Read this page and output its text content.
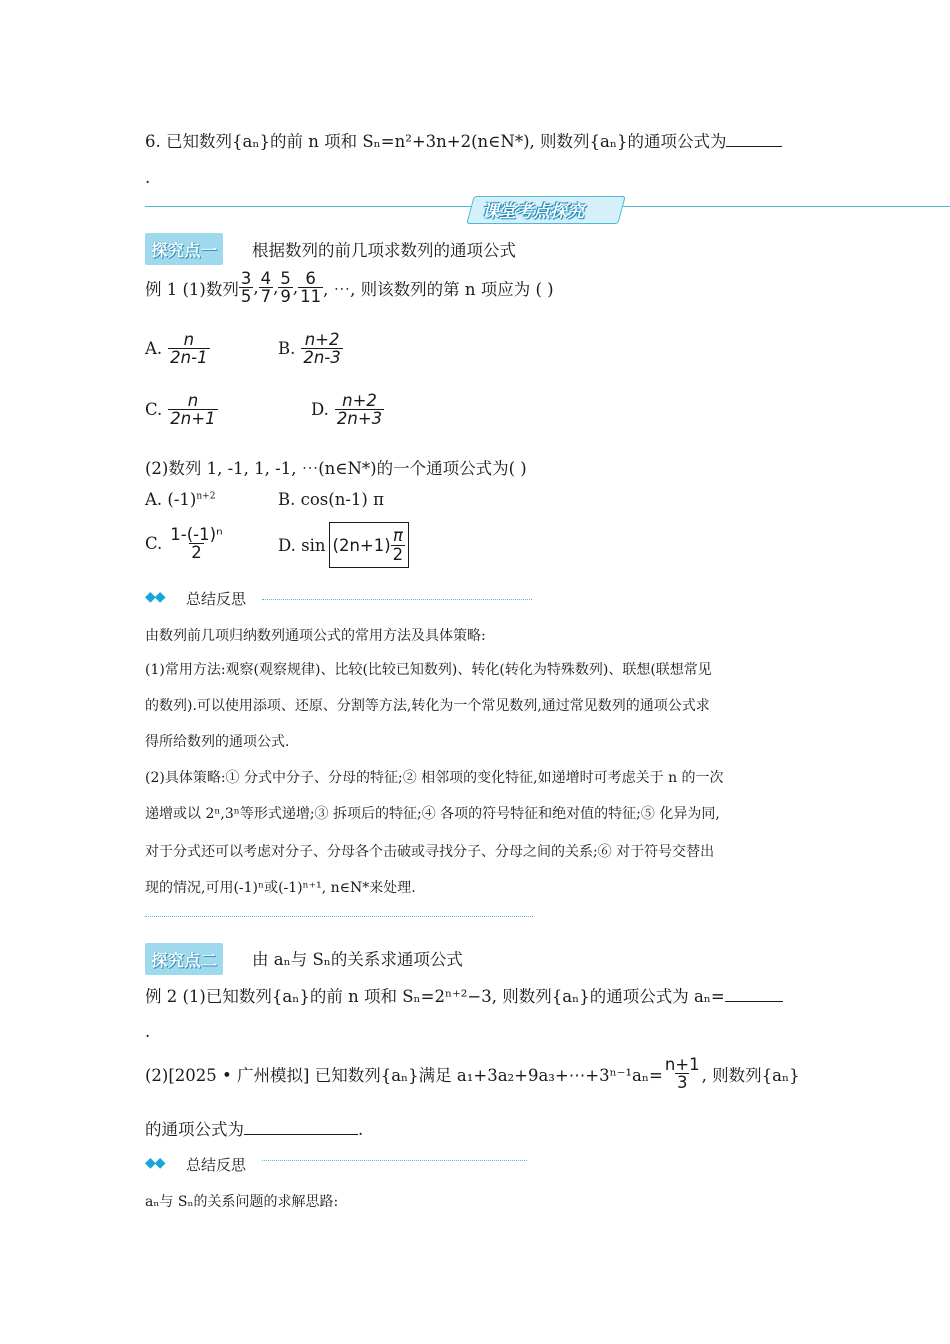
6. 已知数列{aₙ}的前 n 项和 Sₙ=n²+3n+2(n∈N*), 则数列{aₙ}的通项公式为
.
课堂考点探究
探究点一	根据数列的前几项求数列的通项公式
例 1 (1)数列 $\frac{3}{5}$ , $\frac{4}{7}$ , $\frac{5}{9}$ , $\frac{6}{11}$ , ⋯, 则该数列的第 n 项应为 ( )
A. $\frac{n}{2n-1}$	B. $\frac{n+2}{2n-3}$
C. $\frac{n}{2n+1}$	D. $\frac{n+2}{2n+3}$
(2)数列 1, -1, 1, -1, ⋯(n∈N*)的一个通项公式为( )
A. $(-1)^{n+2}$	B. cos(n-1) π
C. $\frac{\text{1-(-1)ⁿ}}{2}$	D. $\sin (2n+1) \frac{\pi}{2}$
◆◆ 总结反思
由数列前几项归纳数列通项公式的常用方法及具体策略:
(1)常用方法:观察(观察规律)、比较(比较已知数列)、转化(转化为特殊数列)、联想(联想常见
的数列).可以使用添项、还原、分割等方法,转化为一个常见数列,通过常见数列的通项公式求
得所给数列的通项公式.
(2)具体策略:① 分式中分子、分母的特征;② 相邻项的变化特征,如递增时可考虑关于 n 的一次
递增或以 2ⁿ,3ⁿ等形式递增;③ 拆项后的特征;④ 各项的符号特征和绝对值的特征;⑤ 化异为同,
对于分式还可以考虑对分子、分母各个击破或寻找分子、分母之间的关系;⑥ 对于符号交替出
现的情况,可用(-1)ⁿ或(-1)ⁿ⁺¹, n∈N*来处理.
探究点二	由 aₙ与 Sₙ的关系求通项公式
例 2 (1)已知数列{aₙ}的前 n 项和 Sₙ=2ⁿ⁺²−3, 则数列{aₙ}的通项公式为 aₙ=
.
(2)[2025 • 广州模拟] 已知数列{aₙ}满足 a₁+3a₂+9a₃+⋯+3ⁿ⁻¹aₙ= $\frac{n+1}{3}$ , 则数列{aₙ}
的通项公式为	.
◆◆ 总结反思
aₙ与 Sₙ的关系问题的求解思路:
